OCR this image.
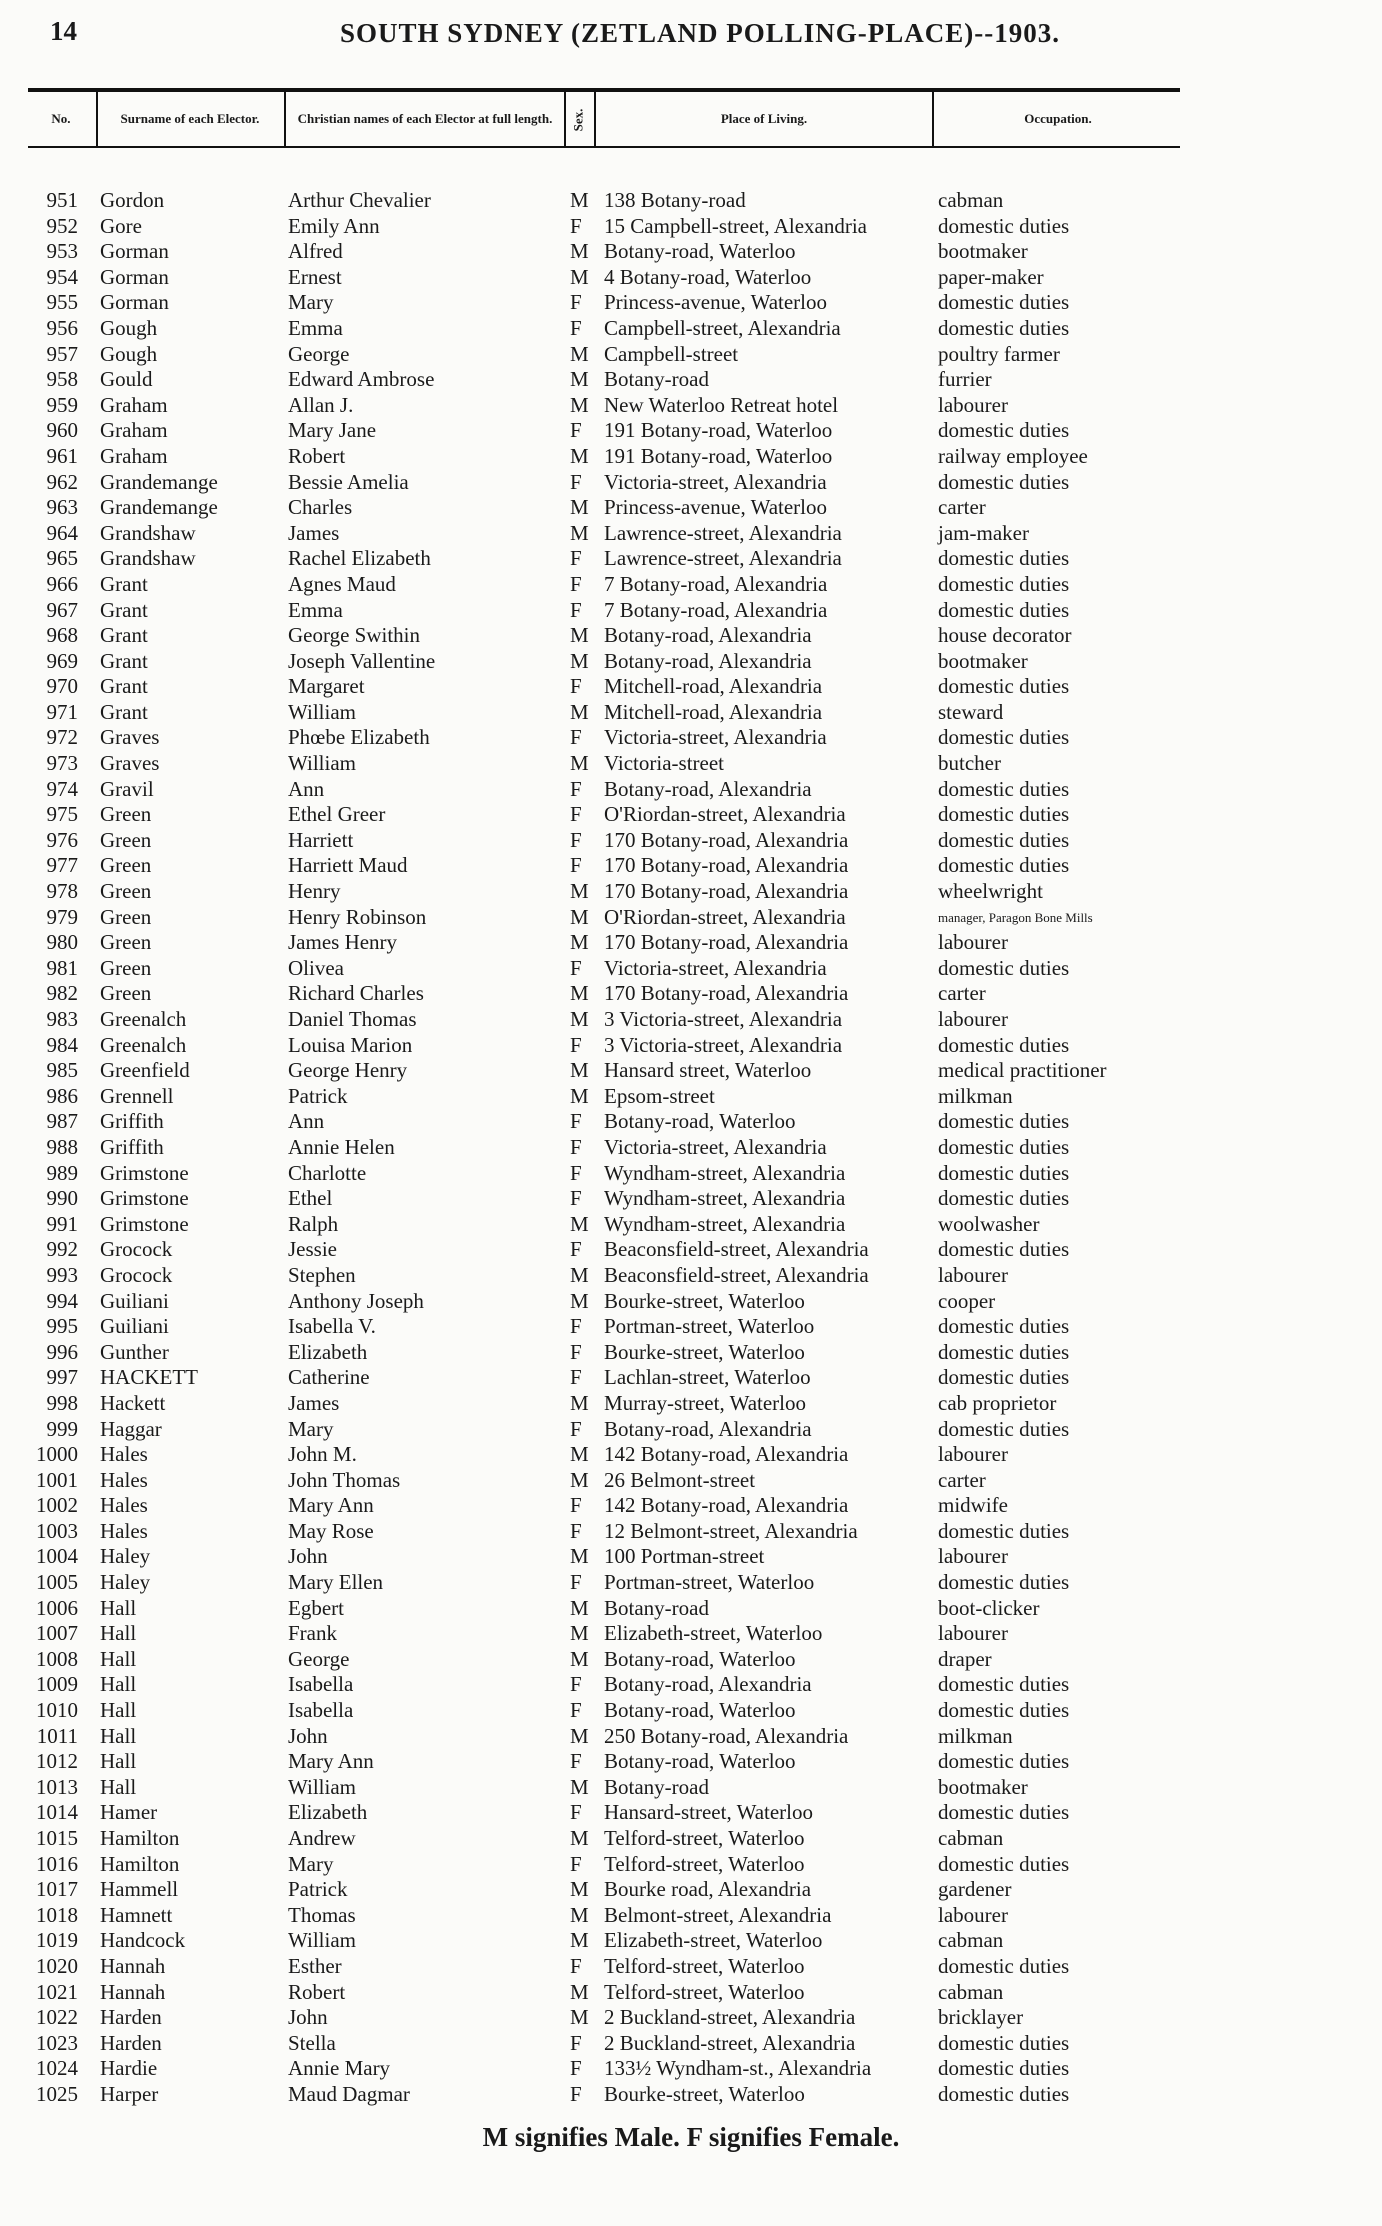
14	SOUTH SYDNEY (ZETLAND POLLING-PLACE)--1903.
No.	Surname of each Elector.	Christian names of each Elector at full length.	Sex.	Place of Living.	Occupation.
951 Gordon	Arthur Chevalier	M 138 Botany-road	cabman
952 Gore	Emily Ann	F 15 Campbell-street, Alexandria	domestic duties
953 Gorman	Alfred	M Botany-road, Waterloo	bootmaker
954 Gorman	Ernest	M 4 Botany-road, Waterloo	paper-maker
955 Gorman	Mary	F Princess-avenue, Waterloo	domestic duties
956 Gough	Emma	F Campbell-street, Alexandria	domestic duties
957 Gough	George	M Campbell-street	poultry farmer
958 Gould	Edward Ambrose	M Botany-road	furrier
959 Graham	Allan J.	M New Waterloo Retreat hotel	labourer
960 Graham	Mary Jane	F 191 Botany-road, Waterloo	domestic duties
961 Graham	Robert	M 191 Botany-road, Waterloo	railway employee
962 Grandemange	Bessie Amelia	F Victoria-street, Alexandria	domestic duties
963 Grandemange	Charles	M Princess-avenue, Waterloo	carter
964 Grandshaw	James	M Lawrence-street, Alexandria	jam-maker
965 Grandshaw	Rachel Elizabeth	F Lawrence-street, Alexandria	domestic duties
966 Grant	Agnes Maud	F 7 Botany-road, Alexandria	domestic duties
967 Grant	Emma	F 7 Botany-road, Alexandria	domestic duties
968 Grant	George Swithin	M Botany-road, Alexandria	house decorator
969 Grant	Joseph Vallentine	M Botany-road, Alexandria	bootmaker
970 Grant	Margaret	F Mitchell-road, Alexandria	domestic duties
971 Grant	William	M Mitchell-road, Alexandria	steward
972 Graves	Phœbe Elizabeth	F Victoria-street, Alexandria	domestic duties
973 Graves	William	M Victoria-street	butcher
974 Gravil	Ann	F Botany-road, Alexandria	domestic duties
975 Green	Ethel Greer	F O'Riordan-street, Alexandria	domestic duties
976 Green	Harriett	F 170 Botany-road, Alexandria	domestic duties
977 Green	Harriett Maud	F 170 Botany-road, Alexandria	domestic duties
978 Green	Henry	M 170 Botany-road, Alexandria	wheelwright
979 Green	Henry Robinson	M O'Riordan-street, Alexandria	manager, Paragon Bone Mills
980 Green	James Henry	M 170 Botany-road, Alexandria	labourer
981 Green	Olivea	F Victoria-street, Alexandria	domestic duties
982 Green	Richard Charles	M 170 Botany-road, Alexandria	carter
983 Greenalch	Daniel Thomas	M 3 Victoria-street, Alexandria	labourer
984 Greenalch	Louisa Marion	F 3 Victoria-street, Alexandria	domestic duties
985 Greenfield	George Henry	M Hansard street, Waterloo	medical practitioner
986 Grennell	Patrick	M Epsom-street	milkman
987 Griffith	Ann	F Botany-road, Waterloo	domestic duties
988 Griffith	Annie Helen	F Victoria-street, Alexandria	domestic duties
989 Grimstone	Charlotte	F Wyndham-street, Alexandria	domestic duties
990 Grimstone	Ethel	F Wyndham-street, Alexandria	domestic duties
991 Grimstone	Ralph	M Wyndham-street, Alexandria	woolwasher
992 Grocock	Jessie	F Beaconsfield-street, Alexandria	domestic duties
993 Grocock	Stephen	M Beaconsfield-street, Alexandria	labourer
994 Guiliani	Anthony Joseph	M Bourke-street, Waterloo	cooper
995 Guiliani	Isabella V.	F Portman-street, Waterloo	domestic duties
996 Gunther	Elizabeth	F Bourke-street, Waterloo	domestic duties
997 HACKETT	Catherine	F Lachlan-street, Waterloo	domestic duties
998 Hackett	James	M Murray-street, Waterloo	cab proprietor
999 Haggar	Mary	F Botany-road, Alexandria	domestic duties
1000 Hales	John M.	M 142 Botany-road, Alexandria	labourer
1001 Hales	John Thomas	M 26 Belmont-street	carter
1002 Hales	Mary Ann	F 142 Botany-road, Alexandria	midwife
1003 Hales	May Rose	F 12 Belmont-street, Alexandria	domestic duties
1004 Haley	John	M 100 Portman-street	labourer
1005 Haley	Mary Ellen	F Portman-street, Waterloo	domestic duties
1006 Hall	Egbert	M Botany-road	boot-clicker
1007 Hall	Frank	M Elizabeth-street, Waterloo	labourer
1008 Hall	George	M Botany-road, Waterloo	draper
1009 Hall	Isabella	F Botany-road, Alexandria	domestic duties
1010 Hall	Isabella	F Botany-road, Waterloo	domestic duties
1011 Hall	John	M 250 Botany-road, Alexandria	milkman
1012 Hall	Mary Ann	F Botany-road, Waterloo	domestic duties
1013 Hall	William	M Botany-road	bootmaker
1014 Hamer	Elizabeth	F Hansard-street, Waterloo	domestic duties
1015 Hamilton	Andrew	M Telford-street, Waterloo	cabman
1016 Hamilton	Mary	F Telford-street, Waterloo	domestic duties
1017 Hammell	Patrick	M Bourke road, Alexandria	gardener
1018 Hamnett	Thomas	M Belmont-street, Alexandria	labourer
1019 Handcock	William	M Elizabeth-street, Waterloo	cabman
1020 Hannah	Esther	F Telford-street, Waterloo	domestic duties
1021 Hannah	Robert	M Telford-street, Waterloo	cabman
1022 Harden	John	M 2 Buckland-street, Alexandria	bricklayer
1023 Harden	Stella	F 2 Buckland-street, Alexandria	domestic duties
1024 Hardie	Annie Mary	F 133½ Wyndham-st., Alexandria	domestic duties
1025 Harper	Maud Dagmar	F Bourke-street, Waterloo	domestic duties
M signifies Male. F signifies Female.
